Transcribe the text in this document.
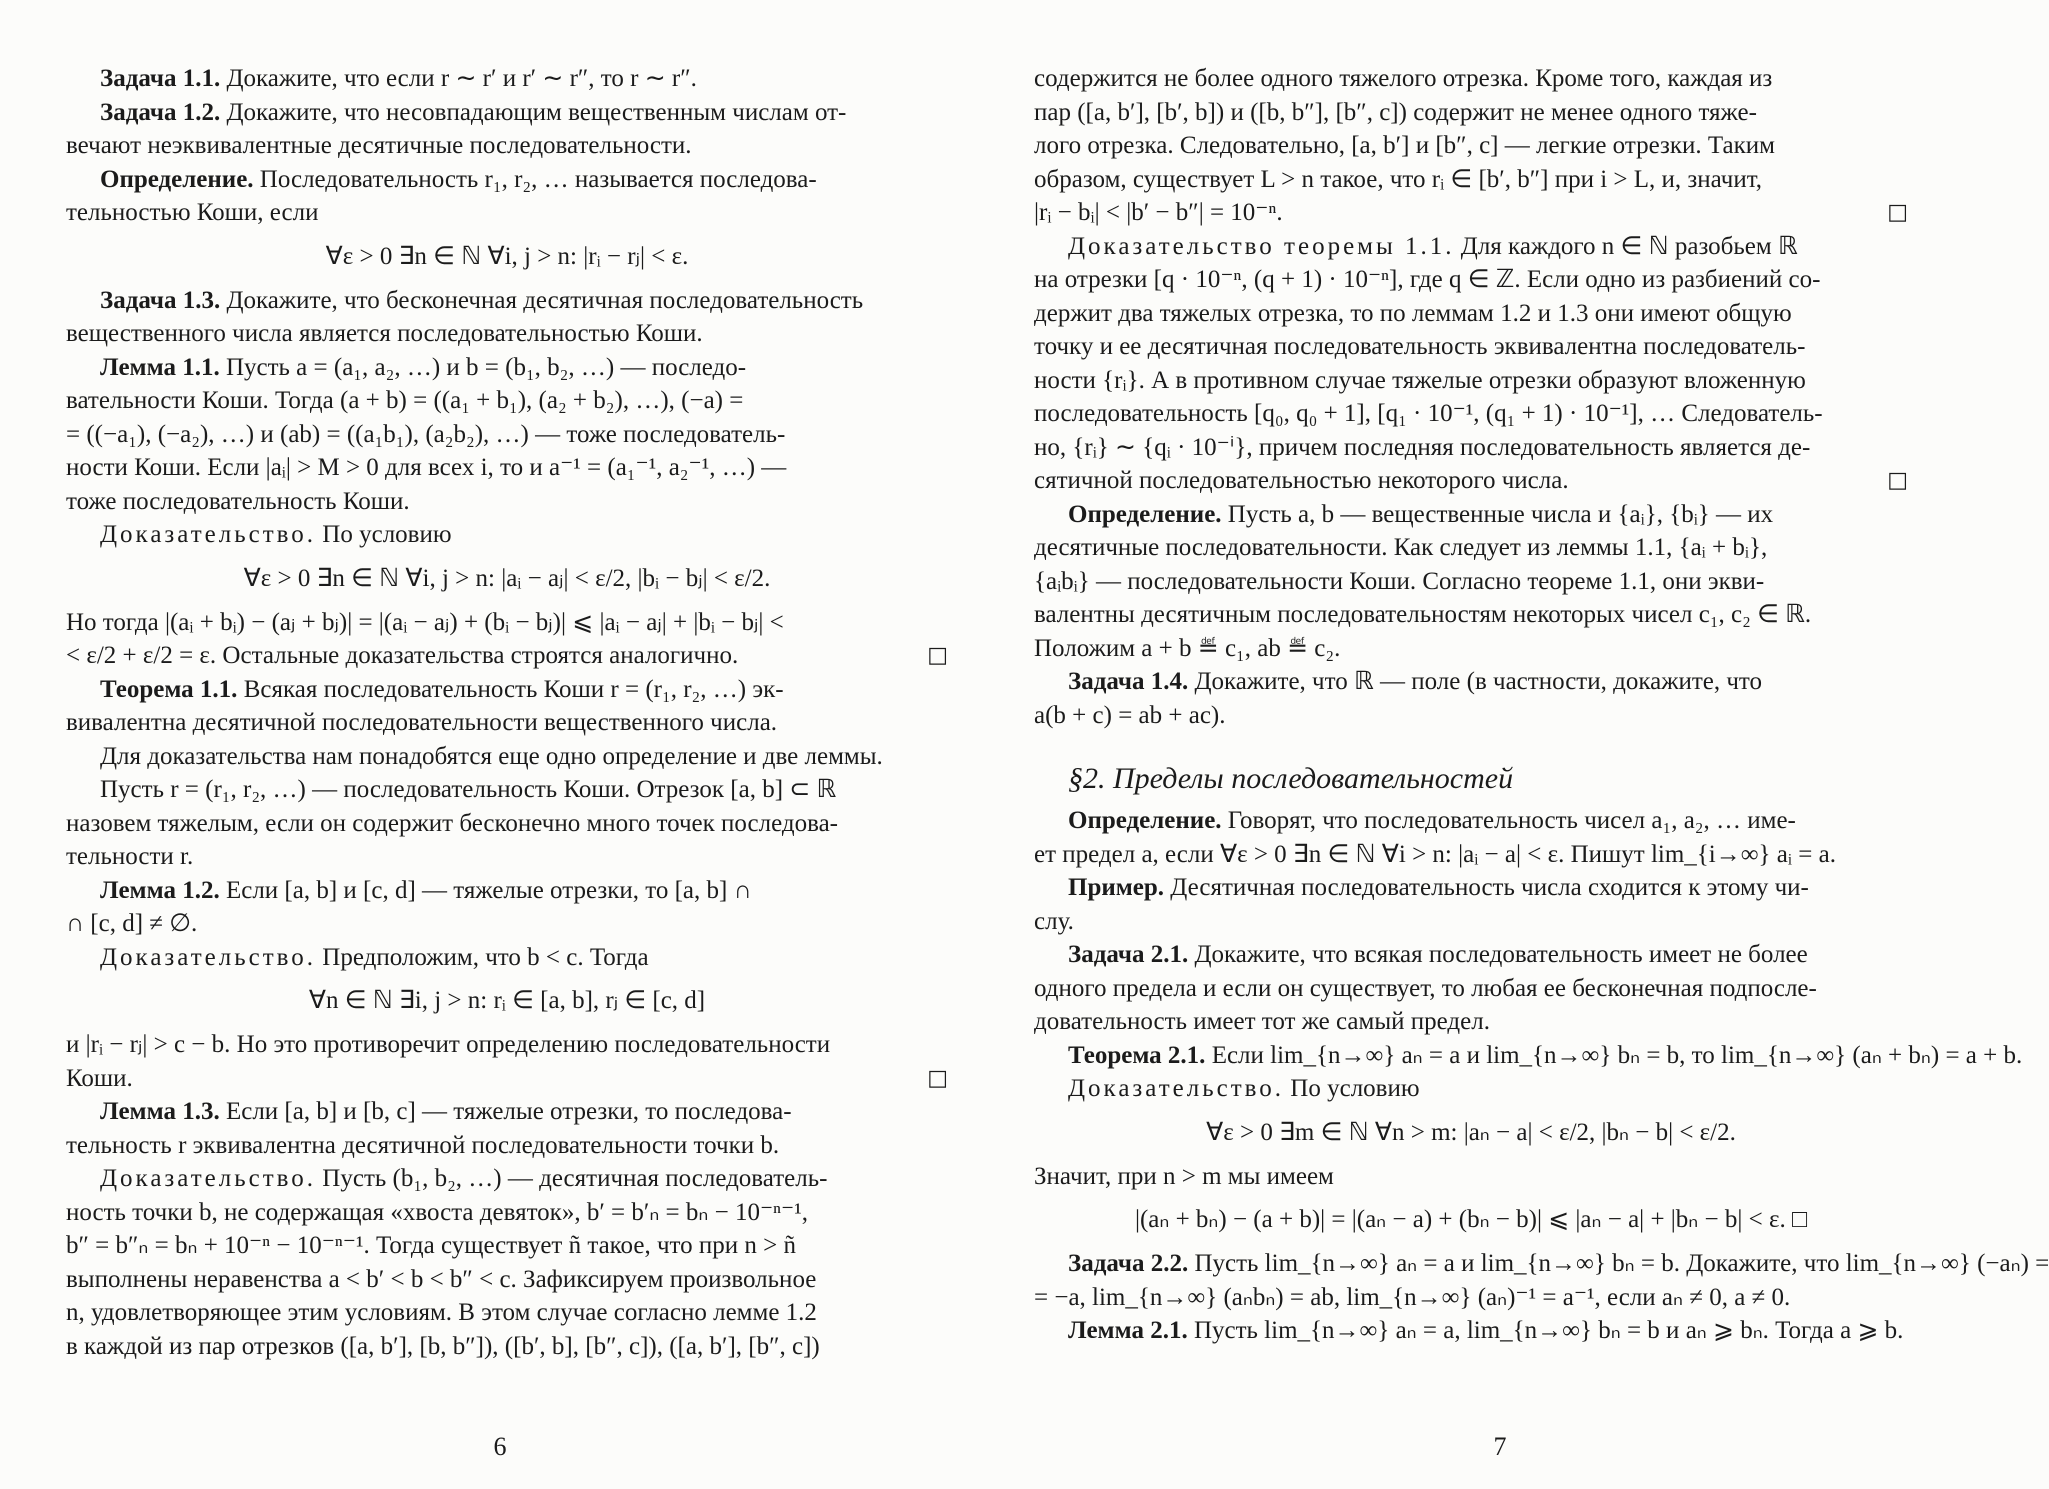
Задача 1.1. Докажите, что если r ∼ r′ и r′ ∼ r″, то r ∼ r″.
Задача 1.2. Докажите, что несовпадающим вещественным числам от-
вечают неэквивалентные десятичные последовательности.
Определение. Последовательность r₁, r₂, … называется последова-
тельностью Коши, если
∀ε > 0 ∃n ∈ ℕ ∀i, j > n: |rᵢ − rⱼ| < ε.
Задача 1.3. Докажите, что бесконечная десятичная последовательность
вещественного числа является последовательностью Коши.
Лемма 1.1. Пусть a = (a₁, a₂, …) и b = (b₁, b₂, …) — последо-
вательности Коши. Тогда (a + b) = ((a₁ + b₁), (a₂ + b₂), …), (−a) =
= ((−a₁), (−a₂), …) и (ab) = ((a₁b₁), (a₂b₂), …) — тоже последователь-
ности Коши. Если |aᵢ| > M > 0 для всех i, то и a⁻¹ = (a₁⁻¹, a₂⁻¹, …) —
тоже последовательность Коши.
Доказательство. По условию
∀ε > 0 ∃n ∈ ℕ ∀i, j > n: |aᵢ − aⱼ| < ε/2, |bᵢ − bⱼ| < ε/2.
Но тогда |(aᵢ + bᵢ) − (aⱼ + bⱼ)| = |(aᵢ − aⱼ) + (bᵢ − bⱼ)| ⩽ |aᵢ − aⱼ| + |bᵢ − bⱼ| <
< ε/2 + ε/2 = ε. Остальные доказательства строятся аналогично.	□
Теорема 1.1. Всякая последовательность Коши r = (r₁, r₂, …) эк-
вивалентна десятичной последовательности вещественного числа.
Для доказательства нам понадобятся еще одно определение и две леммы.
Пусть r = (r₁, r₂, …) — последовательность Коши. Отрезок [a, b] ⊂ ℝ
назовем тяжелым, если он содержит бесконечно много точек последова-
тельности r.
Лемма 1.2. Если [a, b] и [c, d] — тяжелые отрезки, то [a, b] ∩
∩ [c, d] ≠ ∅.
Доказательство. Предположим, что b < c. Тогда
∀n ∈ ℕ ∃i, j > n: rᵢ ∈ [a, b], rⱼ ∈ [c, d]
и |rᵢ − rⱼ| > c − b. Но это противоречит определению последовательности
Коши.	□
Лемма 1.3. Если [a, b] и [b, c] — тяжелые отрезки, то последова-
тельность r эквивалентна десятичной последовательности точки b.
Доказательство. Пусть (b₁, b₂, …) — десятичная последователь-
ность точки b, не содержащая «хвоста девяток», b′ = b′ₙ = bₙ − 10⁻ⁿ⁻¹,
b″ = b″ₙ = bₙ + 10⁻ⁿ − 10⁻ⁿ⁻¹. Тогда существует ñ такое, что при n > ñ
выполнены неравенства a < b′ < b < b″ < c. Зафиксируем произвольное
n, удовлетворяющее этим условиям. В этом случае согласно лемме 1.2
в каждой из пар отрезков ([a, b′], [b, b″]), ([b′, b], [b″, c]), ([a, b′], [b″, c])
6
содержится не более одного тяжелого отрезка. Кроме того, каждая из
пар ([a, b′], [b′, b]) и ([b, b″], [b″, c]) содержит не менее одного тяже-
лого отрезка. Следовательно, [a, b′] и [b″, c] — легкие отрезки. Таким
образом, существует L > n такое, что rᵢ ∈ [b′, b″] при i > L, и, значит,
|rᵢ − bᵢ| < |b′ − b″| = 10⁻ⁿ.	□
Доказательство теоремы 1.1. Для каждого n ∈ ℕ разобьем ℝ
на отрезки [q · 10⁻ⁿ, (q + 1) · 10⁻ⁿ], где q ∈ ℤ. Если одно из разбиений со-
держит два тяжелых отрезка, то по леммам 1.2 и 1.3 они имеют общую
точку и ее десятичная последовательность эквивалентна последователь-
ности {rᵢ}. А в противном случае тяжелые отрезки образуют вложенную
последовательность [q₀, q₀ + 1], [q₁ · 10⁻¹, (q₁ + 1) · 10⁻¹], … Следователь-
но, {rᵢ} ∼ {qᵢ · 10⁻ⁱ}, причем последняя последовательность является де-
сятичной последовательностью некоторого числа.	□
Определение. Пусть a, b — вещественные числа и {aᵢ}, {bᵢ} — их
десятичные последовательности. Как следует из леммы 1.1, {aᵢ + bᵢ},
{aᵢbᵢ} — последовательности Коши. Согласно теореме 1.1, они экви-
валентны десятичным последовательностям некоторых чисел c₁, c₂ ∈ ℝ.
Положим a + b ≝ c₁, ab ≝ c₂.
Задача 1.4. Докажите, что ℝ — поле (в частности, докажите, что
a(b + c) = ab + ac).
§2. Пределы последовательностей
Определение. Говорят, что последовательность чисел a₁, a₂, … име-
ет предел a, если ∀ε > 0 ∃n ∈ ℕ ∀i > n: |aᵢ − a| < ε. Пишут lim_{i→∞} aᵢ = a.
Пример. Десятичная последовательность числа сходится к этому чи-
слу.
Задача 2.1. Докажите, что всякая последовательность имеет не более
одного предела и если он существует, то любая ее бесконечная подпосле-
довательность имеет тот же самый предел.
Теорема 2.1. Если lim_{n→∞} aₙ = a и lim_{n→∞} bₙ = b, то lim_{n→∞} (aₙ + bₙ) = a + b.
Доказательство. По условию
∀ε > 0 ∃m ∈ ℕ ∀n > m: |aₙ − a| < ε/2, |bₙ − b| < ε/2.
Значит, при n > m мы имеем
|(aₙ + bₙ) − (a + b)| = |(aₙ − a) + (bₙ − b)| ⩽ |aₙ − a| + |bₙ − b| < ε. □
Задача 2.2. Пусть lim_{n→∞} aₙ = a и lim_{n→∞} bₙ = b. Докажите, что lim_{n→∞} (−aₙ) =
= −a, lim_{n→∞} (aₙbₙ) = ab, lim_{n→∞} (aₙ)⁻¹ = a⁻¹, если aₙ ≠ 0, a ≠ 0.
Лемма 2.1. Пусть lim_{n→∞} aₙ = a, lim_{n→∞} bₙ = b и aₙ ⩾ bₙ. Тогда a ⩾ b.
7
